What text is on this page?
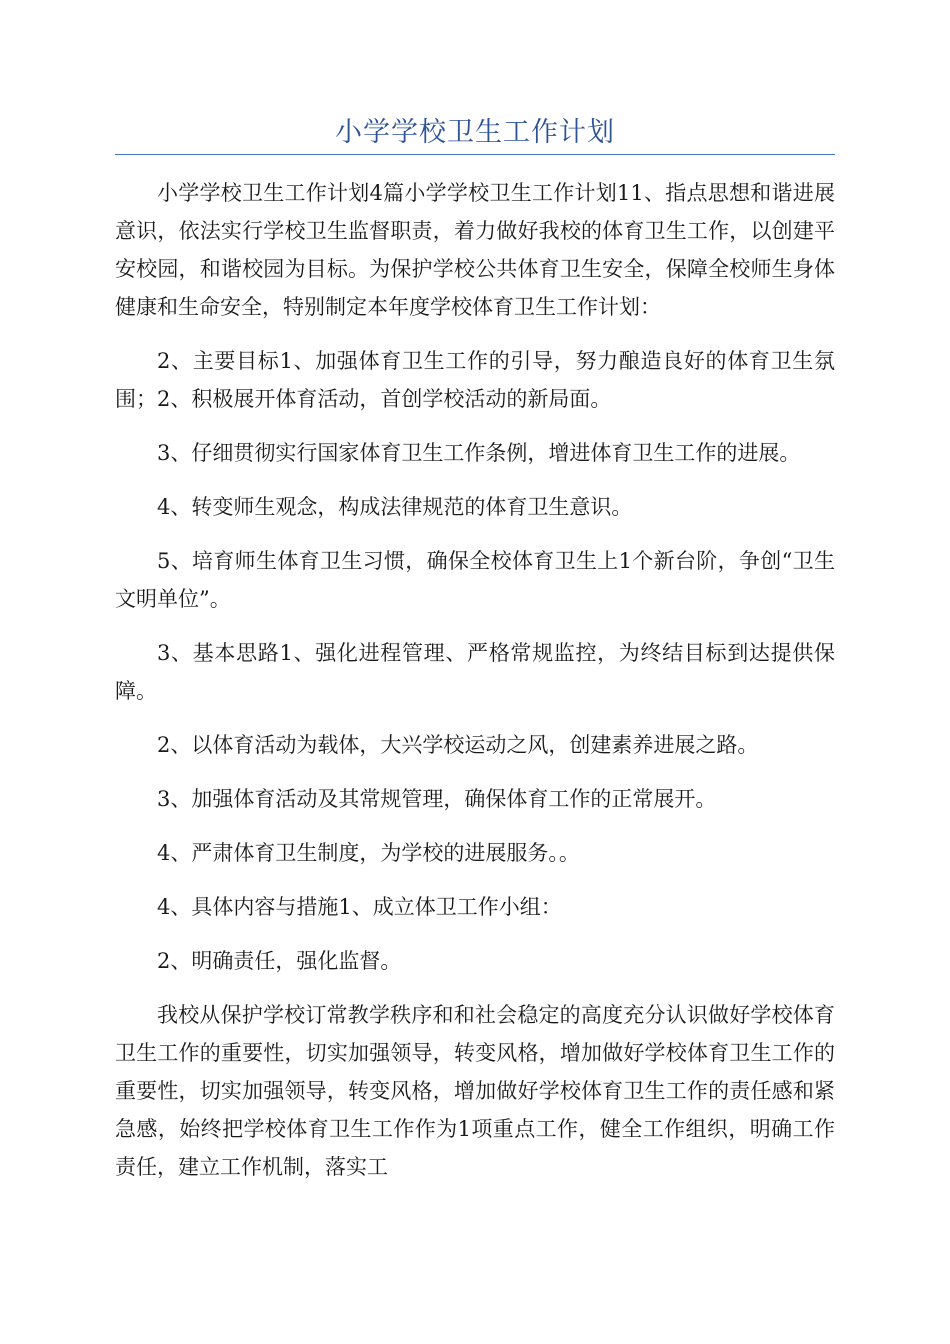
小学学校卫生工作计划

小学学校卫生工作计划4篇小学学校卫生工作计划11、指点思想和谐进展意识，依法实行学校卫生监督职责，着力做好我校的体育卫生工作，以创建平安校园，和谐校园为目标。为保护学校公共体育卫生安全，保障全校师生身体健康和生命安全，特别制定本年度学校体育卫生工作计划：

2、主要目标1、加强体育卫生工作的引导，努力酿造良好的体育卫生氛围；2、积极展开体育活动，首创学校活动的新局面。

3、仔细贯彻实行国家体育卫生工作条例，增进体育卫生工作的进展。

4、转变师生观念，构成法律规范的体育卫生意识。

5、培育师生体育卫生习惯，确保全校体育卫生上1个新台阶，争创“卫生文明单位”。

3、基本思路1、强化进程管理、严格常规监控，为终结目标到达提供保障。

2、以体育活动为载体，大兴学校运动之风，创建素养进展之路。

3、加强体育活动及其常规管理，确保体育工作的正常展开。

4、严肃体育卫生制度，为学校的进展服务。。

4、具体内容与措施1、成立体卫工作小组：

2、明确责任，强化监督。

我校从保护学校订常教学秩序和和社会稳定的高度充分认识做好学校体育卫生工作的重要性，切实加强领导，转变风格，增加做好学校体育卫生工作的重要性，切实加强领导，转变风格，增加做好学校体育卫生工作的责任感和紧急感，始终把学校体育卫生工作作为1项重点工作，健全工作组织，明确工作责任，建立工作机制，落实工
